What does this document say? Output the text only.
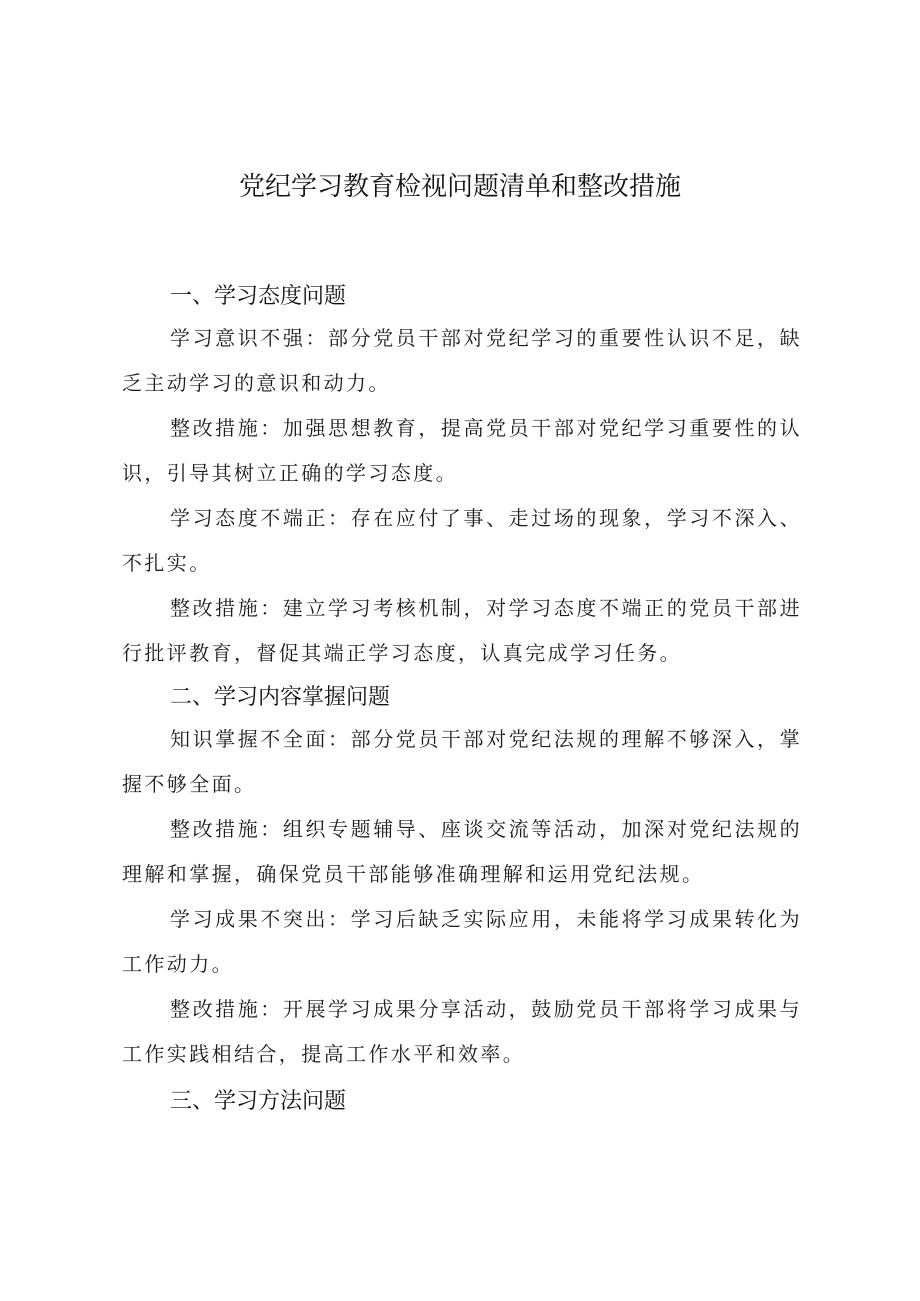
党纪学习教育检视问题清单和整改措施
一、学习态度问题

学习意识不强：部分党员干部对党纪学习的重要性认识不足，缺乏主动学习的意识和动力。

整改措施：加强思想教育，提高党员干部对党纪学习重要性的认识，引导其树立正确的学习态度。

学习态度不端正：存在应付了事、走过场的现象，学习不深入、不扎实。

整改措施：建立学习考核机制，对学习态度不端正的党员干部进行批评教育，督促其端正学习态度，认真完成学习任务。

二、学习内容掌握问题

知识掌握不全面：部分党员干部对党纪法规的理解不够深入，掌握不够全面。

整改措施：组织专题辅导、座谈交流等活动，加深对党纪法规的理解和掌握，确保党员干部能够准确理解和运用党纪法规。

学习成果不突出：学习后缺乏实际应用，未能将学习成果转化为工作动力。

整改措施：开展学习成果分享活动，鼓励党员干部将学习成果与工作实践相结合，提高工作水平和效率。

三、学习方法问题
